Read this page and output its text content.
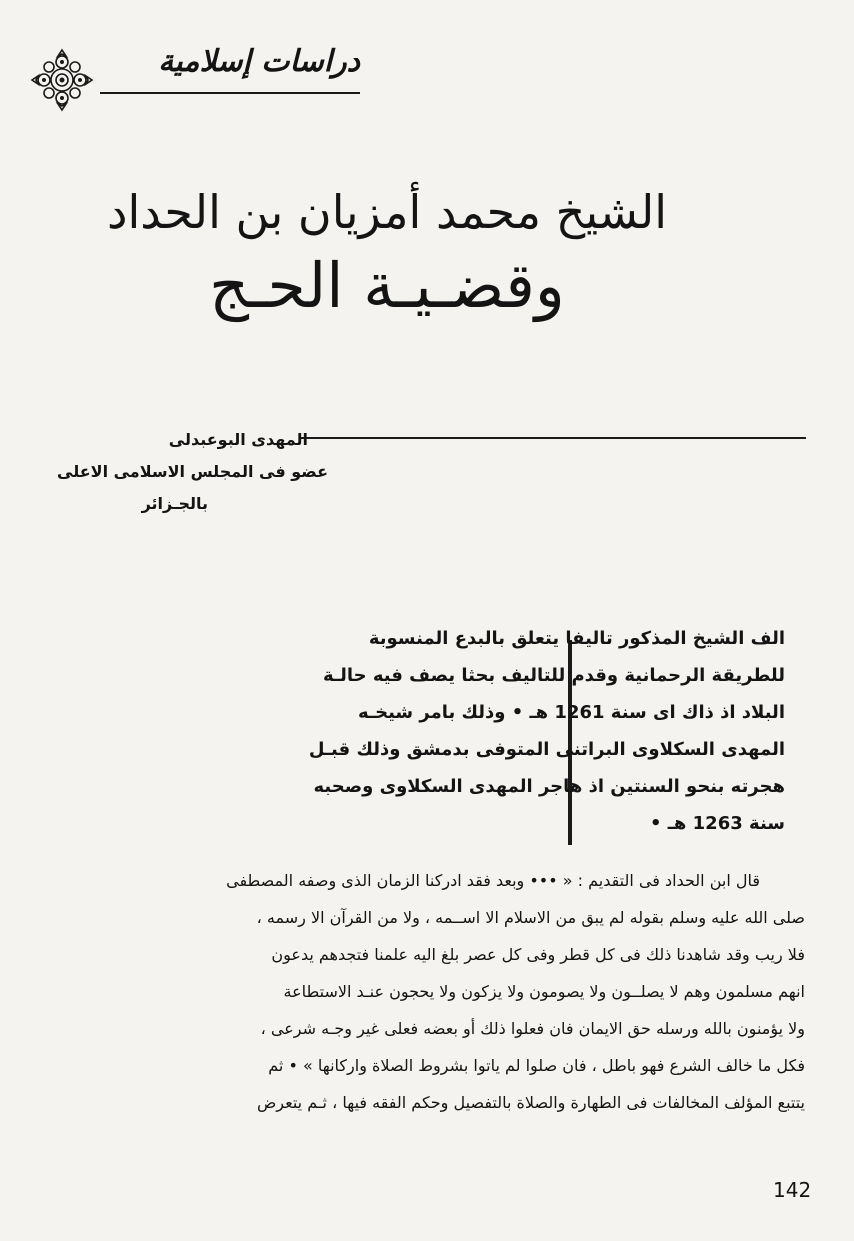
دراسات إسلامية
الشيخ محمد أمزيان بن الحداد
وقضـيـة الحـج
المهدى البوعبدلى
عضو فى المجلس الاسلامى الاعلى
بالجـزائر
الف الشيخ المذكور تاليفا يتعلق بالبدع المنسوبة
للطريقة الرحمانية وقدم للتاليف بحثا يصف فيه حالـة
البلاد اذ ذاك اى سنة 1261 هـ • وذلك بامر شيخـه
المهدى السكلاوى البراتنى المتوفى بدمشق وذلك قبـل
هجرته بنحو السنتين اذ هاجر المهدى السكلاوى وصحبه
سنة 1263 هـ •
قال ابن الحداد فى التقديم : « ••• وبعد فقد ادركنا الزمان الذى وصفه المصطفى
صلى الله عليه وسلم بقوله لم يبق من الاسلام الا اســمه ، ولا من القرآن الا رسمه ،
فلا ريب وقد شاهدنا ذلك فى كل قطر وفى كل عصر بلغ اليه علمنا فتجدهم يدعون
انهم مسلمون وهم لا يصلــون ولا يصومون ولا يزكون ولا يحجون عنـد الاستطاعة
ولا يؤمنون بالله ورسله حق الايمان فان فعلوا ذلك أو بعضه فعلى غير وجـه شرعى ،
فكل ما خالف الشرع فهو باطل ، فان صلوا لم ياتوا بشروط الصلاة واركانها » • ثم
يتتبع المؤلف المخالفات فى الطهارة والصلاة بالتفصيل وحكم الفقه فيها ، ثـم يتعرض
142
